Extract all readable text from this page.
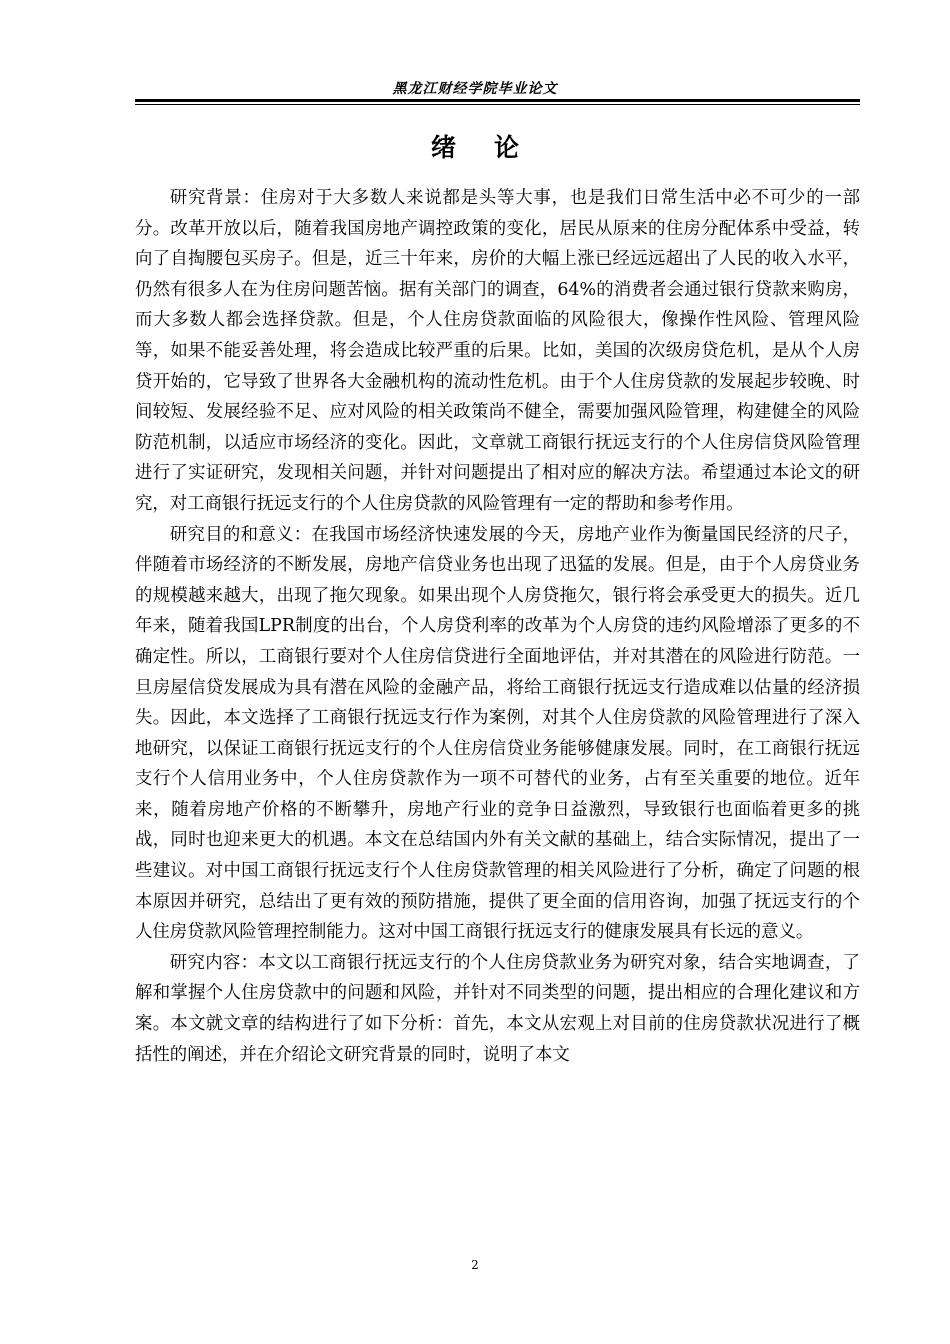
黑龙江财经学院毕业论文
绪论

研究背景：住房对于大多数人来说都是头等大事，也是我们日常生活中必不可少的一部分。改革开放以后，随着我国房地产调控政策的变化，居民从原来的住房分配体系中受益，转向了自掏腰包买房子。但是，近三十年来，房价的大幅上涨已经远远超出了人民的收入水平，仍然有很多人在为住房问题苦恼。据有关部门的调查，64%的消费者会通过银行贷款来购房，而大多数人都会选择贷款。但是，个人住房贷款面临的风险很大，像操作性风险、管理风险等，如果不能妥善处理，将会造成比较严重的后果。比如，美国的次级房贷危机，是从个人房贷开始的，它导致了世界各大金融机构的流动性危机。由于个人住房贷款的发展起步较晚、时间较短、发展经验不足、应对风险的相关政策尚不健全，需要加强风险管理，构建健全的风险防范机制，以适应市场经济的变化。因此，文章就工商银行抚远支行的个人住房信贷风险管理进行了实证研究，发现相关问题，并针对问题提出了相对应的解决方法。希望通过本论文的研究，对工商银行抚远支行的个人住房贷款的风险管理有一定的帮助和参考作用。

研究目的和意义：在我国市场经济快速发展的今天，房地产业作为衡量国民经济的尺子，伴随着市场经济的不断发展，房地产信贷业务也出现了迅猛的发展。但是，由于个人房贷业务的规模越来越大，出现了拖欠现象。如果出现个人房贷拖欠，银行将会承受更大的损失。近几年来，随着我国LPR制度的出台，个人房贷利率的改革为个人房贷的违约风险增添了更多的不确定性。所以，工商银行要对个人住房信贷进行全面地评估，并对其潜在的风险进行防范。一旦房屋信贷发展成为具有潜在风险的金融产品，将给工商银行抚远支行造成难以估量的经济损失。因此，本文选择了工商银行抚远支行作为案例，对其个人住房贷款的风险管理进行了深入地研究，以保证工商银行抚远支行的个人住房信贷业务能够健康发展。同时，在工商银行抚远支行个人信用业务中，个人住房贷款作为一项不可替代的业务，占有至关重要的地位。近年来，随着房地产价格的不断攀升，房地产行业的竞争日益激烈，导致银行也面临着更多的挑战，同时也迎来更大的机遇。本文在总结国内外有关文献的基础上，结合实际情况，提出了一些建议。对中国工商银行抚远支行个人住房贷款管理的相关风险进行了分析，确定了问题的根本原因并研究，总结出了更有效的预防措施，提供了更全面的信用咨询，加强了抚远支行的个人住房贷款风险管理控制能力。这对中国工商银行抚远支行的健康发展具有长远的意义。

研究内容：本文以工商银行抚远支行的个人住房贷款业务为研究对象，结合实地调查，了解和掌握个人住房贷款中的问题和风险，并针对不同类型的问题，提出相应的合理化建议和方案。本文就文章的结构进行了如下分析：首先，本文从宏观上对目前的住房贷款状况进行了概括性的阐述，并在介绍论文研究背景的同时，说明了本文

2
